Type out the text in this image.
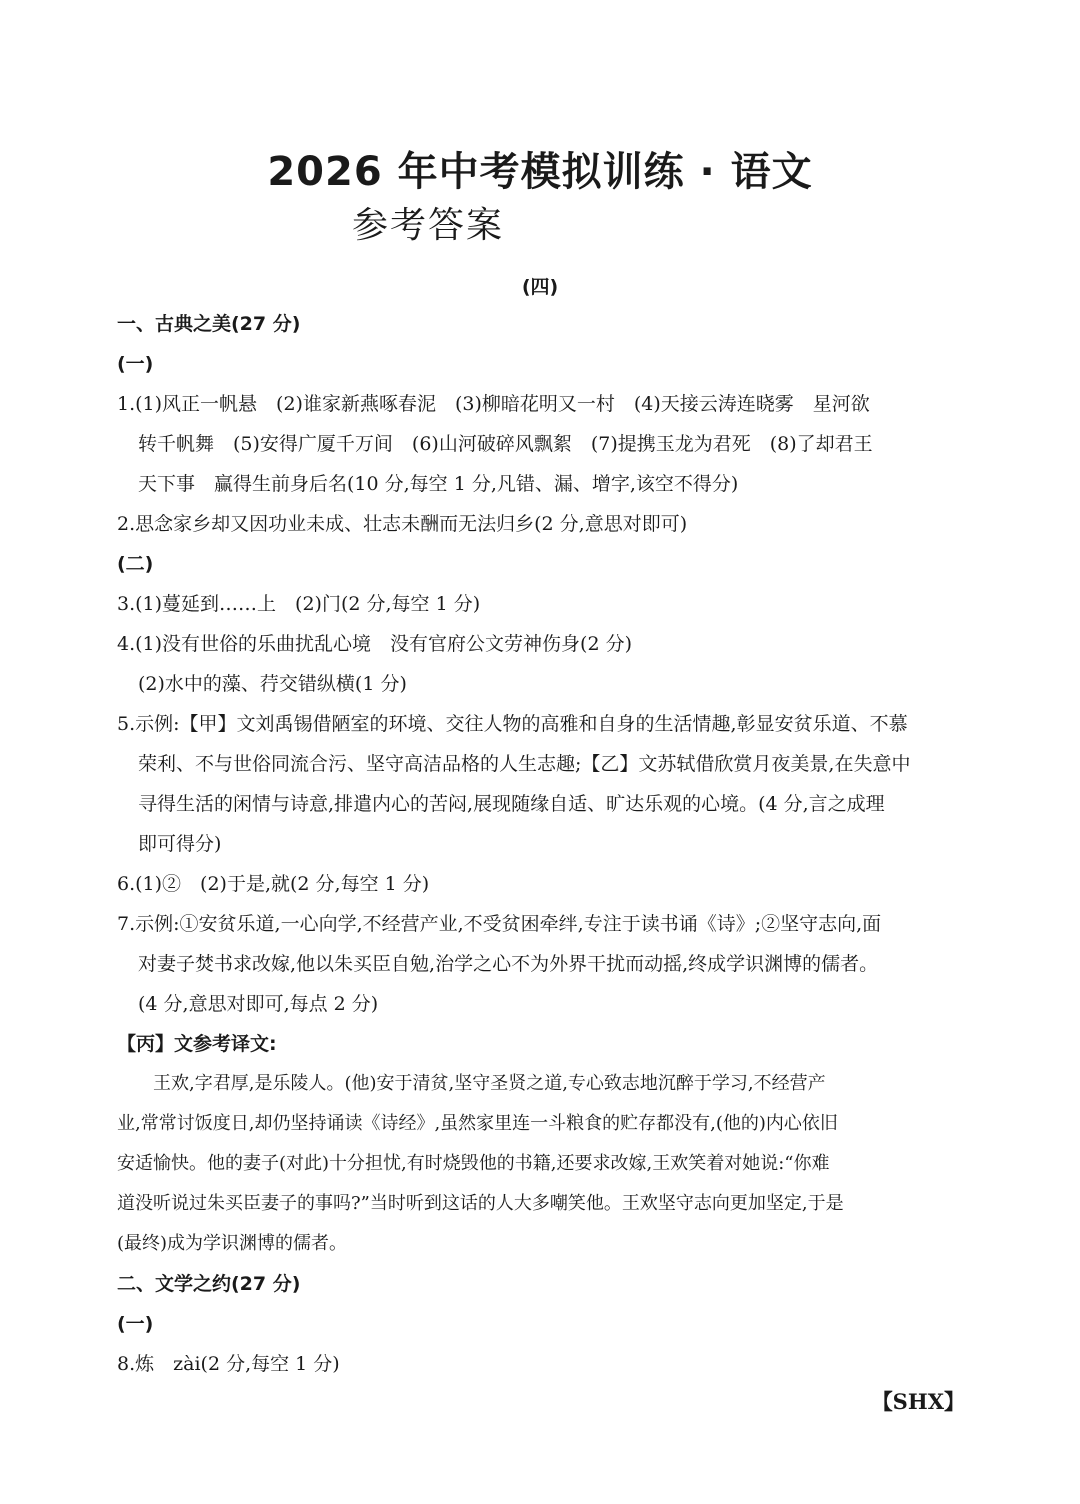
2026 年中考模拟训练 · 语文
参考答案
(四)
一、古典之美(27 分)
(一)
1.(1)风正一帆悬　(2)谁家新燕啄春泥　(3)柳暗花明又一村　(4)天接云涛连晓雾　星河欲
转千帆舞　(5)安得广厦千万间　(6)山河破碎风飘絮　(7)提携玉龙为君死　(8)了却君王
天下事　赢得生前身后名(10 分,每空 1 分,凡错、漏、增字,该空不得分)
2.思念家乡却又因功业未成、壮志未酬而无法归乡(2 分,意思对即可)
(二)
3.(1)蔓延到……上　(2)门(2 分,每空 1 分)
4.(1)没有世俗的乐曲扰乱心境　没有官府公文劳神伤身(2 分)
(2)水中的藻、荇交错纵横(1 分)
5.示例:【甲】文刘禹锡借陋室的环境、交往人物的高雅和自身的生活情趣,彰显安贫乐道、不慕
荣利、不与世俗同流合污、坚守高洁品格的人生志趣;【乙】文苏轼借欣赏月夜美景,在失意中
寻得生活的闲情与诗意,排遣内心的苦闷,展现随缘自适、旷达乐观的心境。(4 分,言之成理
即可得分)
6.(1)②　(2)于是,就(2 分,每空 1 分)
7.示例:①安贫乐道,一心向学,不经营产业,不受贫困牵绊,专注于读书诵《诗》;②坚守志向,面
对妻子焚书求改嫁,他以朱买臣自勉,治学之心不为外界干扰而动摇,终成学识渊博的儒者。
(4 分,意思对即可,每点 2 分)
【丙】文参考译文:
　　王欢,字君厚,是乐陵人。(他)安于清贫,坚守圣贤之道,专心致志地沉醉于学习,不经营产
业,常常讨饭度日,却仍坚持诵读《诗经》,虽然家里连一斗粮食的贮存都没有,(他的)内心依旧
安适愉快。他的妻子(对此)十分担忧,有时烧毁他的书籍,还要求改嫁,王欢笑着对她说:“你难
道没听说过朱买臣妻子的事吗?”当时听到这话的人大多嘲笑他。王欢坚守志向更加坚定,于是
(最终)成为学识渊博的儒者。
二、文学之约(27 分)
(一)
8.炼　zài(2 分,每空 1 分)
【SHX】
